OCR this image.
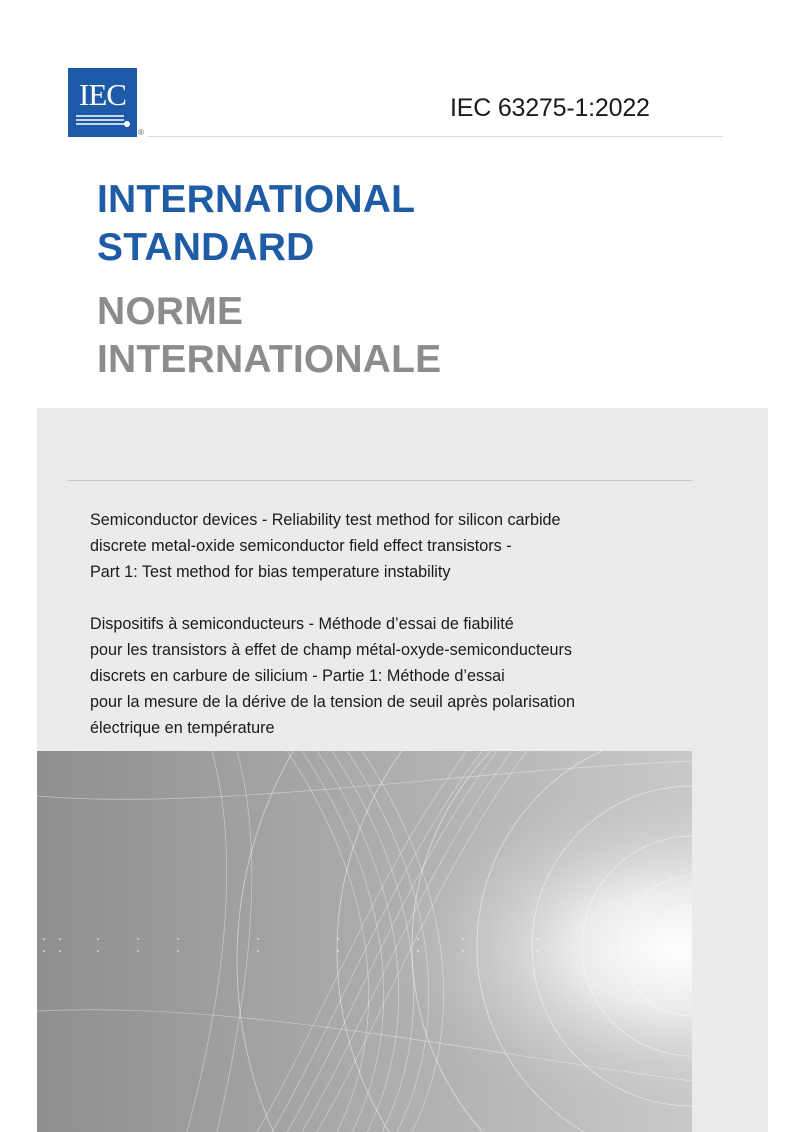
IEC
®
IEC 63275-1:2022
INTERNATIONAL
STANDARD
NORME
INTERNATIONALE
Semiconductor devices - Reliability test method for silicon carbide
discrete metal-oxide semiconductor field effect transistors -
Part 1: Test method for bias temperature instability
Dispositifs à semiconducteurs - Méthode d’essai de fiabilité
pour les transistors à effet de champ métal-oxyde-semiconducteurs
discrets en carbure de silicium - Partie 1: Méthode d’essai
pour la mesure de la dérive de la tension de seuil après polarisation
électrique en température
